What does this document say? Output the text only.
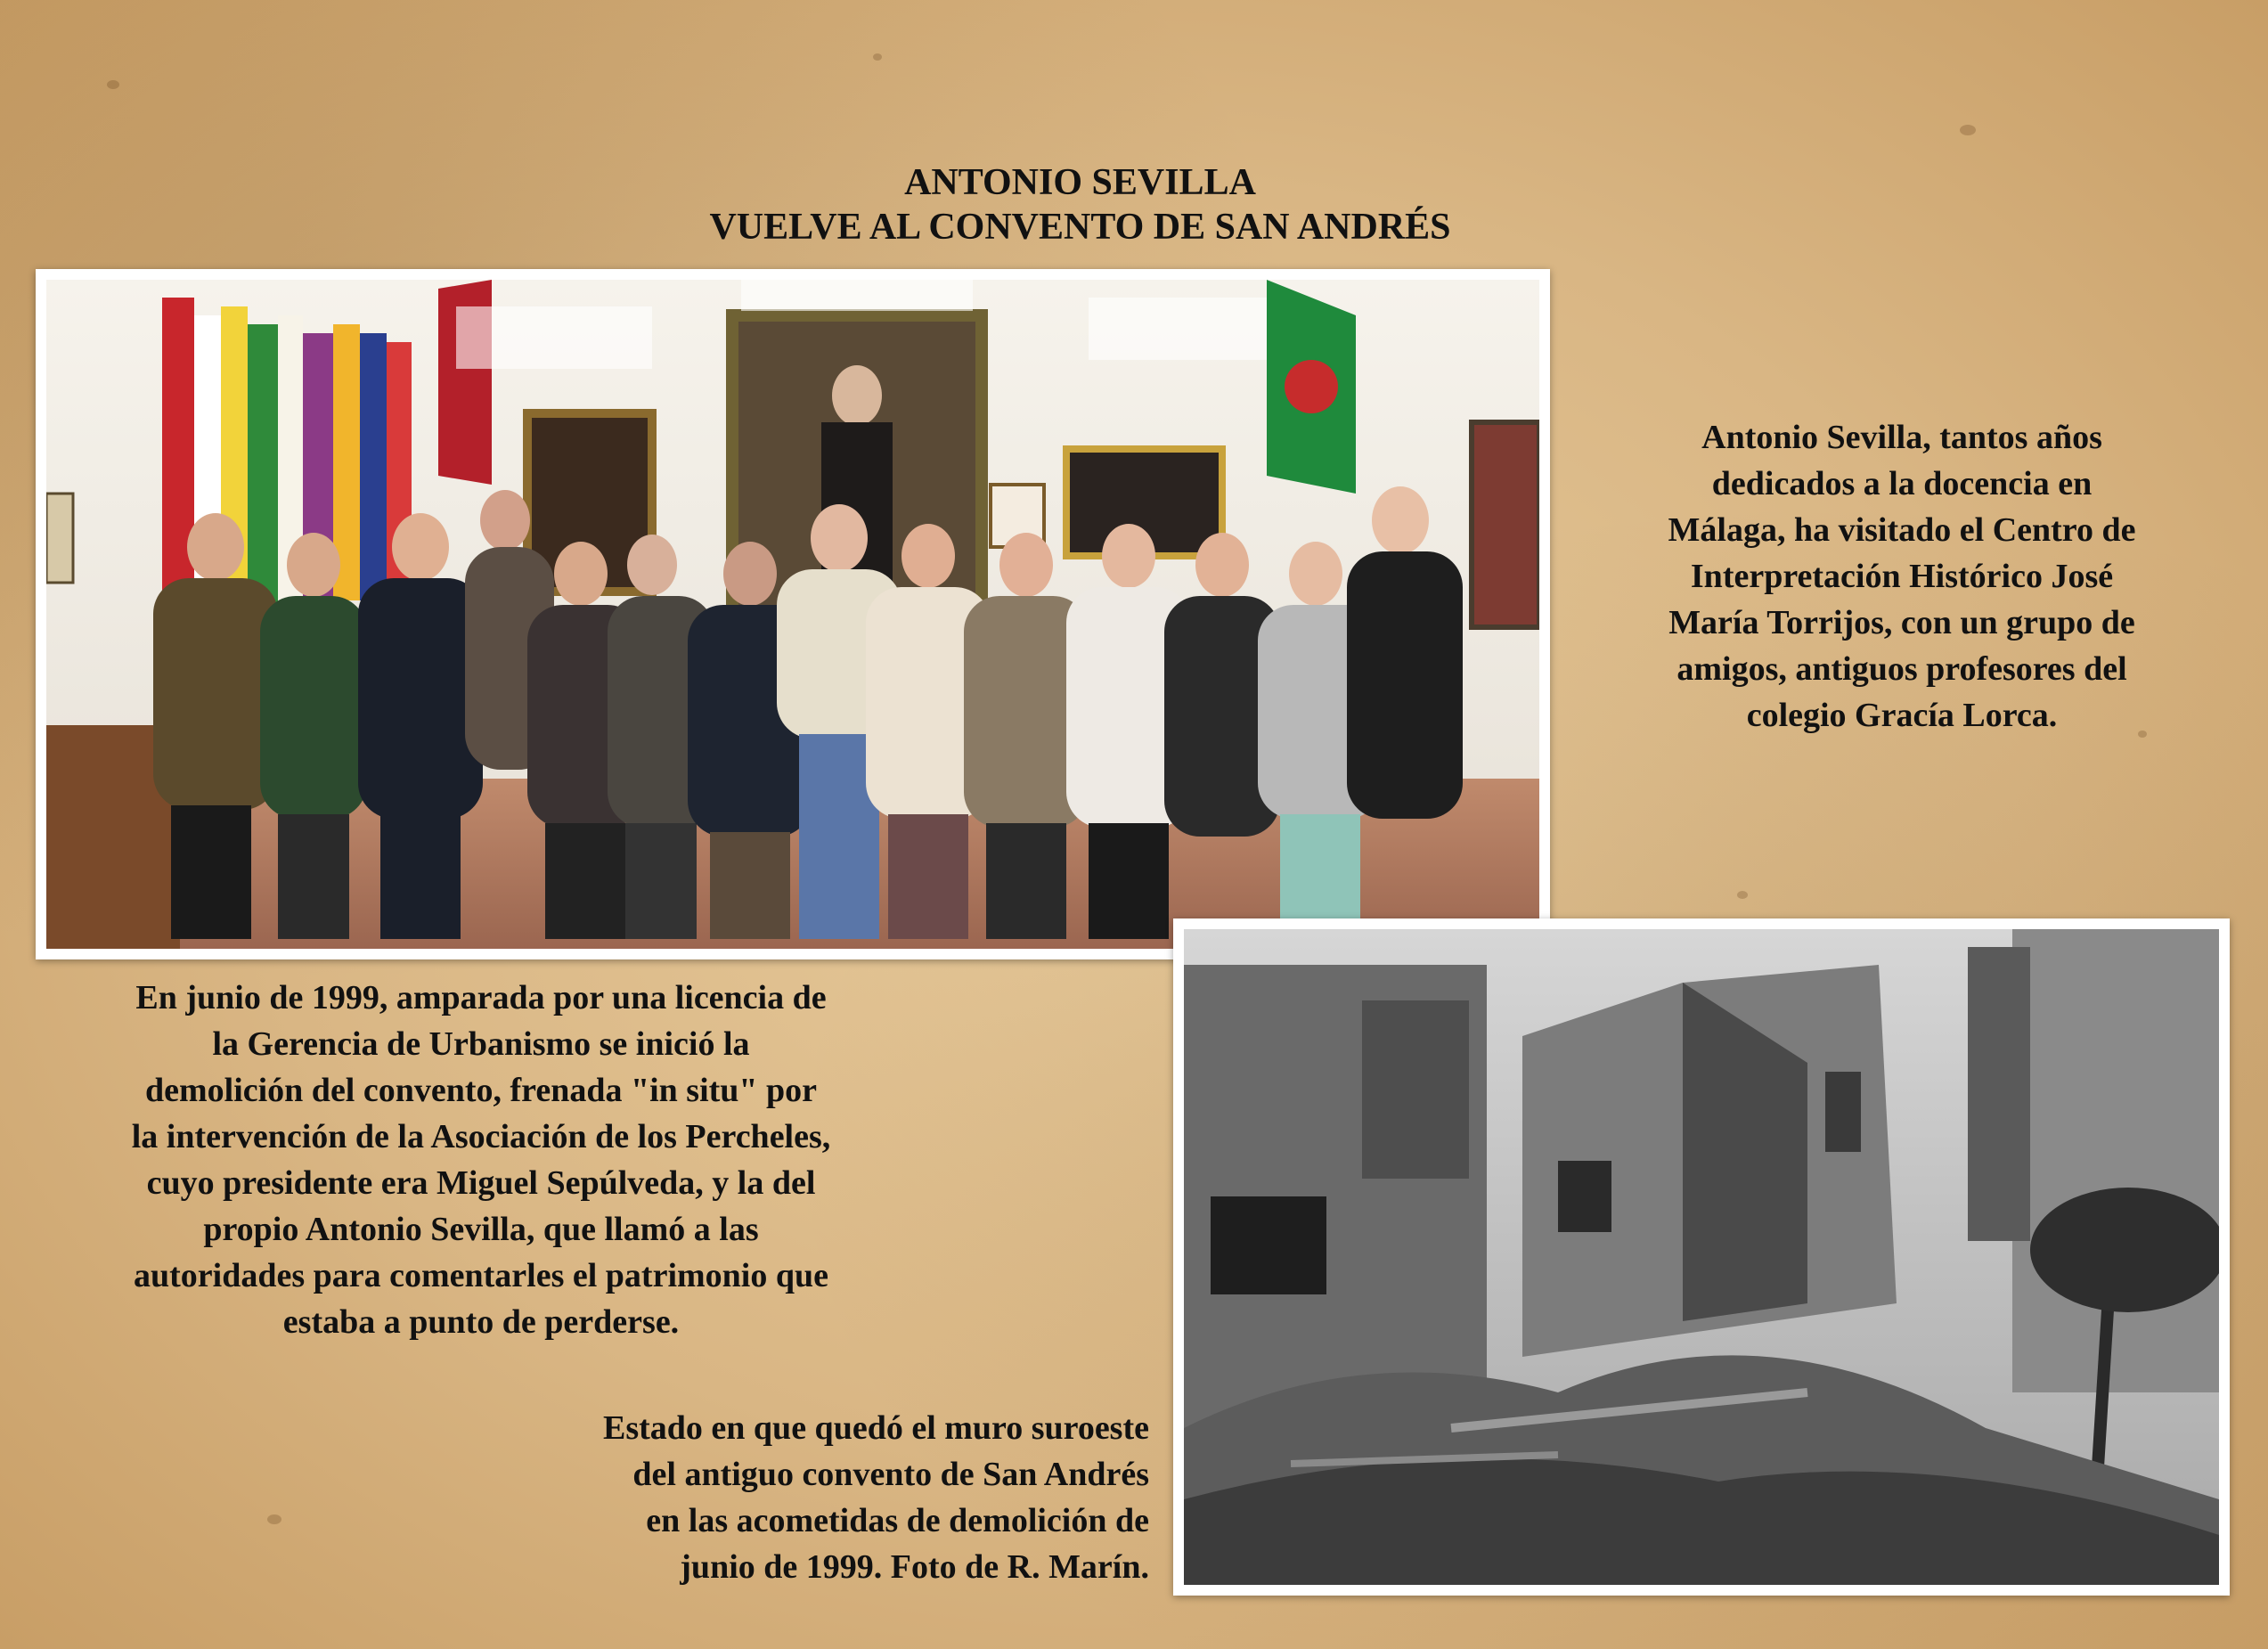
ANTONIO SEVILLA
VUELVE AL CONVENTO DE SAN ANDRÉS
Antonio Sevilla, tantos años
dedicados a la docencia en
Málaga, ha visitado el Centro de
Interpretación Histórico José
María Torrijos, con un grupo de
amigos, antiguos profesores del
colegio Gracía Lorca.
En junio de 1999, amparada por una licencia de
la Gerencia de Urbanismo se inició la
demolición del convento, frenada "in situ" por
la intervención de la Asociación de los Percheles,
cuyo presidente era Miguel Sepúlveda, y la del
propio Antonio Sevilla, que llamó a las
autoridades para comentarles el patrimonio que
estaba a punto de perderse.
Estado en que quedó el muro suroeste
del antiguo convento de San Andrés
en las acometidas de demolición de
junio de 1999. Foto de R. Marín.
